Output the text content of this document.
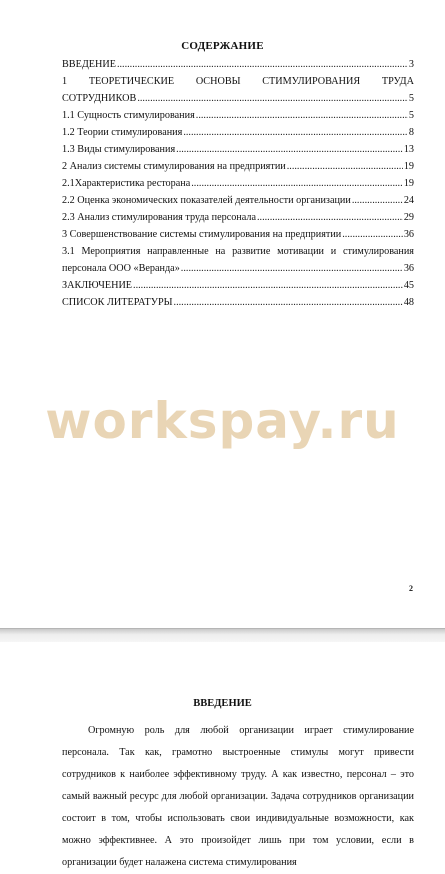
СОДЕРЖАНИЕ
ВВЕДЕНИЕ .....	3
1 ТЕОРЕТИЧЕСКИЕ ОСНОВЫ СТИМУЛИРОВАНИЯ ТРУДА
СОТРУДНИКОВ .....	5
1.1 Сущность стимулирования .....	5
1.2 Теории стимулирования .....	8
1.3 Виды стимулирования .....	13
2 Анализ системы стимулирования на предприятии .....	19
2.1Характеристика ресторана .....	19
2.2 Оценка экономических показателей деятельности организации .....	24
2.3 Анализ стимулирования труда персонала .....	29
3 Совершенствование системы стимулирования на предприятии .....	36
3.1 Мероприятия направленные на развитие мотивации и стимулирования
персонала ООО «Веранда» .....	36
ЗАКЛЮЧЕНИЕ .....	45
СПИСОК ЛИТЕРАТУРЫ .....	48
workspay.ru
2
ВВЕДЕНИЕ

Огромную роль для любой организации играет стимулирование персонала. Так как, грамотно выстроенные стимулы могут привести сотрудников к наиболее эффективному труду. А как известно, персонал – это самый важный ресурс для любой организации. Задача сотрудников организации состоит в том, чтобы использовать свои индивидуальные возможности, как можно эффективнее. А это произойдет лишь при том условии, если в организации будет налажена система стимулирования
